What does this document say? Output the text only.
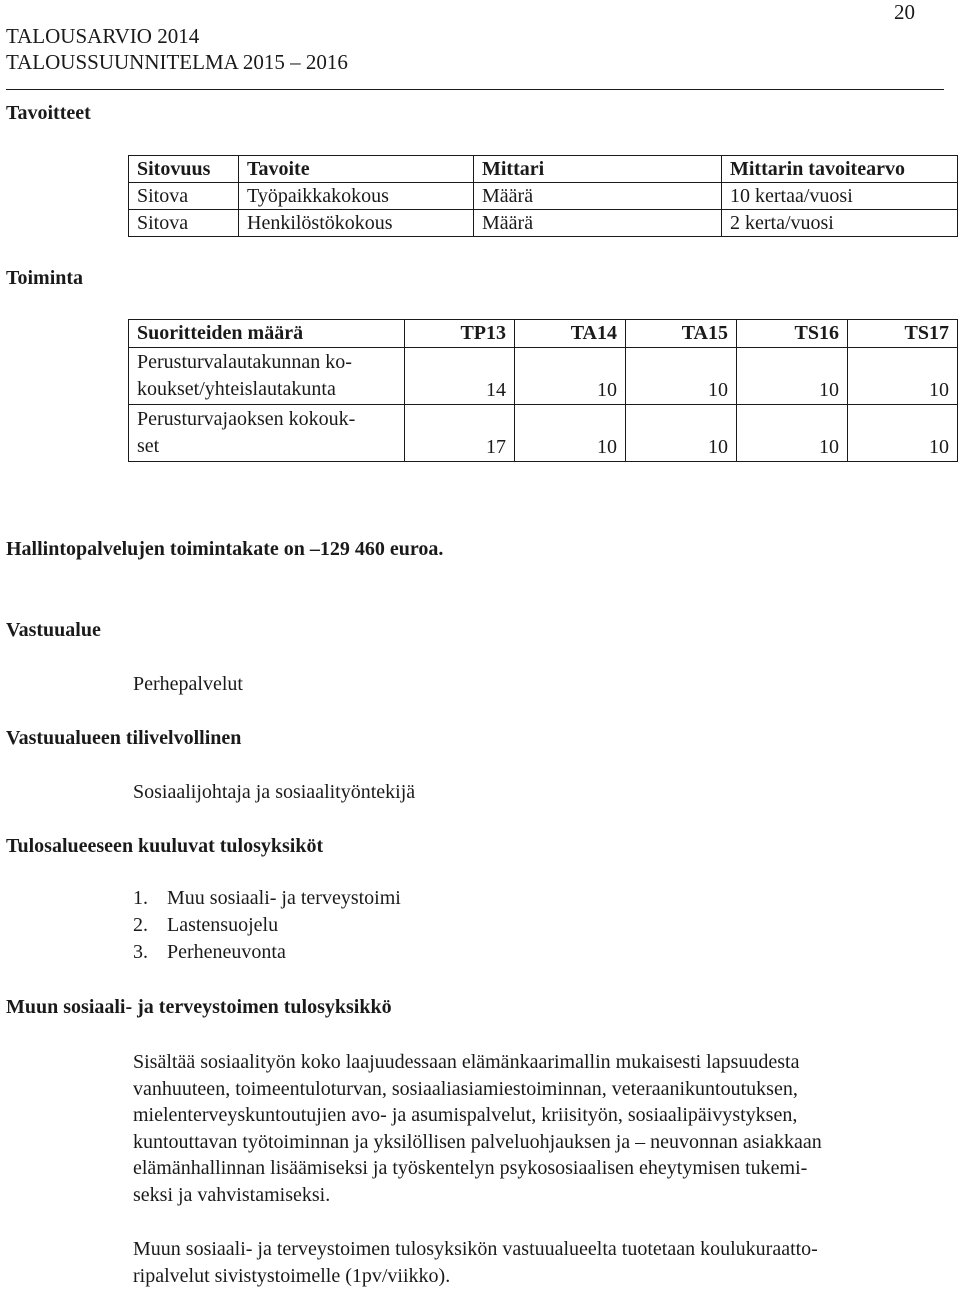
20
TALOUSARVIO 2014
TALOUSSUUNNITELMA 2015 – 2016
Tavoitteet
Sitovuus	Tavoite	Mittari	Mittarin tavoitearvo
Sitova	Työpaikkakokous	Määrä	10 kertaa/vuosi
Sitova	Henkilöstökokous	Määrä	2 kerta/vuosi
Toiminta
Suoritteiden määrä	TP13	TA14	TA15	TS16	TS17

Perusturvalautakunnan ko-
koukset/yhteislautakunta	14	10	10	10	10

Perusturvajaoksen kokouk-
set	17	10	10	10	10
Hallintopalvelujen toimintakate on –129 460 euroa.
Vastuualue
Perhepalvelut
Vastuualueen tilivelvollinen
Sosiaalijohtaja ja sosiaalityöntekijä
Tulosalueeseen kuuluvat tulosyksiköt
1. Muu sosiaali- ja terveystoimi
2. Lastensuojelu
3. Perheneuvonta
Muun sosiaali- ja terveystoimen tulosyksikkö
Sisältää sosiaalityön koko laajuudessaan elämänkaarimallin mukaisesti lapsuudesta
vanhuuteen, toimeentuloturvan, sosiaaliasiamiestoiminnan, veteraanikuntoutuksen,
mielenterveyskuntoutujien avo- ja asumispalvelut, kriisityön, sosiaalipäivystyksen,
kuntouttavan työtoiminnan ja yksilöllisen palveluohjauksen ja – neuvonnan asiakkaan
elämänhallinnan lisäämiseksi ja työskentelyn psykososiaalisen eheytymisen tukemi-
seksi ja vahvistamiseksi.
Muun sosiaali- ja terveystoimen tulosyksikön vastuualueelta tuotetaan koulukuraatto-
ripalvelut sivistystoimelle (1pv/viikko).
